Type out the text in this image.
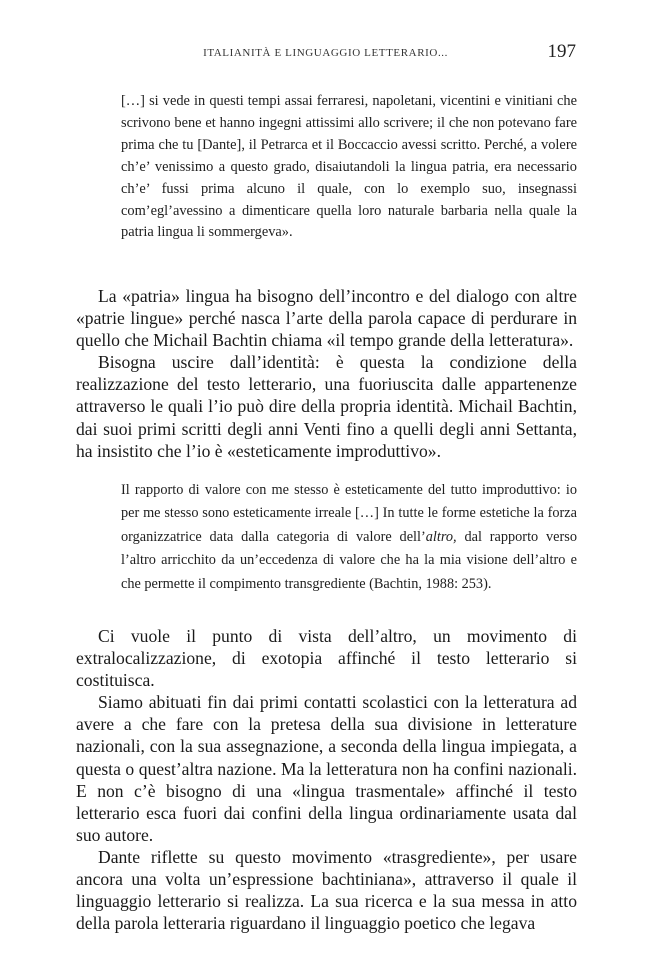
ITALIANITÀ E LINGUAGGIO LETTERARIO...	197

[…] si vede in questi tempi assai ferraresi, napoletani, vicentini e vinitiani che scrivono bene et hanno ingegni attissimi allo scrivere; il che non potevano fare prima che tu [Dante], il Petrarca et il Boccaccio avessi scritto. Perché, a volere ch’e’ venissimo a questo grado, disaiutandoli la lingua patria, era necessario ch’e’ fussi prima alcuno il quale, con lo exemplo suo, insegnassi com’egl’avessino a dimenticare quella loro naturale barbaria nella quale la patria lingua li sommergeva».

La «patria» lingua ha bisogno dell’incontro e del dialogo con altre «patrie lingue» perché nasca l’arte della parola capace di perdurare in quello che Michail Bachtin chiama «il tempo grande della letteratura».

Bisogna uscire dall’identità: è questa la condizione della realizzazione del testo letterario, una fuoriuscita dalle appartenenze attraverso le quali l’io può dire della propria identità. Michail Bachtin, dai suoi primi scritti degli anni Venti fino a quelli degli anni Settanta, ha insistito che l’io è «esteticamente improduttivo».

Il rapporto di valore con me stesso è esteticamente del tutto improduttivo: io per me stesso sono esteticamente irreale […] In tutte le forme estetiche la forza organizzatrice data dalla categoria di valore dell’altro, dal rapporto verso l’altro arricchito da un’eccedenza di valore che ha la mia visione dell’altro e che permette il compimento transgrediente (Bachtin, 1988: 253).

Ci vuole il punto di vista dell’altro, un movimento di extralocalizzazione, di exotopia affinché il testo letterario si costituisca.

Siamo abituati fin dai primi contatti scolastici con la letteratura ad avere a che fare con la pretesa della sua divisione in letterature nazionali, con la sua assegnazione, a seconda della lingua impiegata, a questa o quest’altra nazione. Ma la letteratura non ha confini nazionali. E non c’è bisogno di una «lingua trasmentale» affinché il testo letterario esca fuori dai confini della lingua ordinariamente usata dal suo autore.

Dante riflette su questo movimento «trasgrediente», per usare ancora una volta un’espressione bachtiniana», attraverso il quale il linguaggio letterario si realizza. La sua ricerca e la sua messa in atto della parola letteraria riguardano il linguaggio poetico che legava
